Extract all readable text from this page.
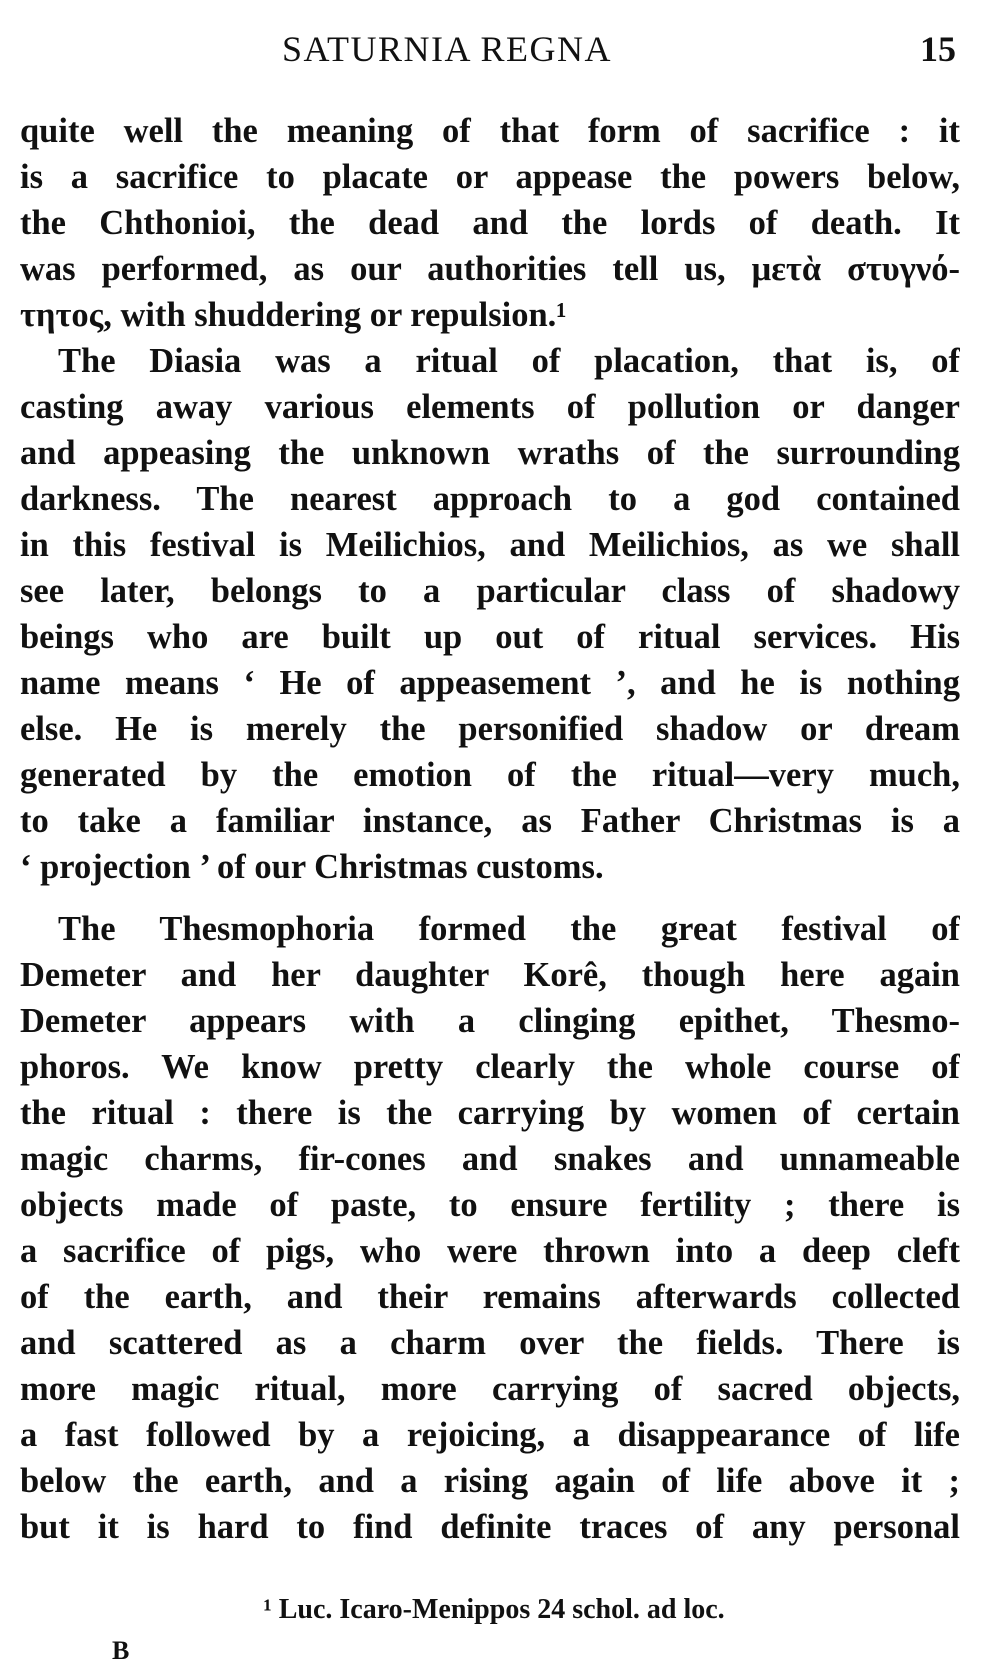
SATURNIA REGNA	15
quite well the meaning of that form of sacrifice : it
is a sacrifice to placate or appease the powers below,
the Chthonioi, the dead and the lords of death. It
was performed, as our authorities tell us, μετὰ στυγνό-
τητος, with shuddering or repulsion.¹
The Diasia was a ritual of placation, that is, of
casting away various elements of pollution or danger
and appeasing the unknown wraths of the surrounding
darkness. The nearest approach to a god contained
in this festival is Meilichios, and Meilichios, as we shall
see later, belongs to a particular class of shadowy
beings who are built up out of ritual services. His
name means ‘ He of appeasement ’, and he is nothing
else. He is merely the personified shadow or dream
generated by the emotion of the ritual—very much,
to take a familiar instance, as Father Christmas is a
‘ projection ’ of our Christmas customs.
The Thesmophoria formed the great festival of
Demeter and her daughter Korê, though here again
Demeter appears with a clinging epithet, Thesmo-
phoros. We know pretty clearly the whole course of
the ritual : there is the carrying by women of certain
magic charms, fir-cones and snakes and unnameable
objects made of paste, to ensure fertility ; there is
a sacrifice of pigs, who were thrown into a deep cleft
of the earth, and their remains afterwards collected
and scattered as a charm over the fields. There is
more magic ritual, more carrying of sacred objects,
a fast followed by a rejoicing, a disappearance of life
below the earth, and a rising again of life above it ;
but it is hard to find definite traces of any personal
¹ Luc. Icaro-Menippos 24 schol. ad loc.
B
